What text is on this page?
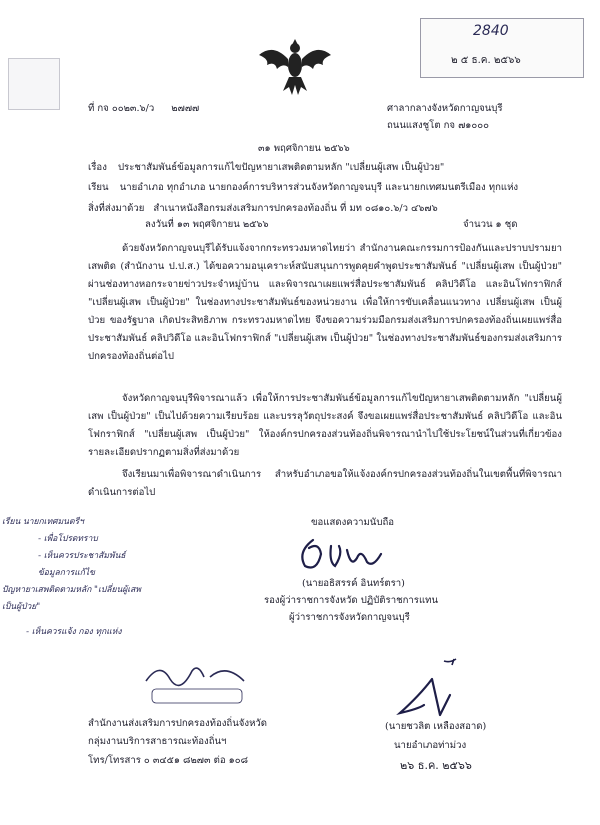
2840
๒ ๕ ธ.ค. ๒๕๖๖
ที่ กจ ๐๐๒๓.๖/ว ๒๗๗๗	ศาลากลางจังหวัดกาญจนบุรี
ถนนแสงชูโต กจ ๗๑๐๐๐
๓๑ พฤศจิกายน ๒๕๖๖
เรื่อง ประชาสัมพันธ์ข้อมูลการแก้ไขปัญหายาเสพติดตามหลัก "เปลี่ยนผู้เสพ เป็นผู้ป่วย"
เรียน นายอำเภอ ทุกอำเภอ นายกองค์การบริหารส่วนจังหวัดกาญจนบุรี และนายกเทศมนตรีเมือง ทุกแห่ง
สิ่งที่ส่งมาด้วย สำเนาหนังสือกรมส่งเสริมการปกครองท้องถิ่น ที่ มท ๐๘๑๐.๖/ว ๔๖๗๖
ลงวันที่ ๑๓ พฤศจิกายน ๒๕๖๖	จำนวน ๑ ชุด
ด้วยจังหวัดกาญจนบุรีได้รับแจ้งจากกระทรวงมหาดไทยว่า สำนักงานคณะกรรมการป้องกันและปราบปรามยาเสพติด (สำนักงาน ป.ป.ส.) ได้ขอความอนุเคราะห์สนับสนุนการพูดคุยคำพูดประชาสัมพันธ์ "เปลี่ยนผู้เสพ เป็นผู้ป่วย" ผ่านช่องทางหอกระจายข่าวประจำหมู่บ้าน และพิจารณาเผยแพร่สื่อประชาสัมพันธ์ คลิปวิดีโอ และอินโฟกราฟิกส์ "เปลี่ยนผู้เสพ เป็นผู้ป่วย" ในช่องทางประชาสัมพันธ์ของหน่วยงาน เพื่อให้การขับเคลื่อนแนวทาง เปลี่ยนผู้เสพ เป็นผู้ป่วย ของรัฐบาล เกิดประสิทธิภาพ กระทรวงมหาดไทย จึงขอความร่วมมือกรมส่งเสริมการปกครองท้องถิ่นเผยแพร่สื่อประชาสัมพันธ์ คลิปวิดีโอ และอินโฟกราฟิกส์ "เปลี่ยนผู้เสพ เป็นผู้ป่วย" ในช่องทางประชาสัมพันธ์ของกรมส่งเสริมการปกครองท้องถิ่นต่อไป
จังหวัดกาญจนบุรีพิจารณาแล้ว เพื่อให้การประชาสัมพันธ์ข้อมูลการแก้ไขปัญหายาเสพติดตามหลัก "เปลี่ยนผู้เสพ เป็นผู้ป่วย" เป็นไปด้วยความเรียบร้อย และบรรลุวัตถุประสงค์ จึงขอเผยแพร่สื่อประชาสัมพันธ์ คลิปวิดีโอ และอินโฟกราฟิกส์ "เปลี่ยนผู้เสพ เป็นผู้ป่วย" ให้องค์กรปกครองส่วนท้องถิ่นพิจารณานำไปใช้ประโยชน์ในส่วนที่เกี่ยวข้อง รายละเอียดปรากฏตามสิ่งที่ส่งมาด้วย
จึงเรียนมาเพื่อพิจารณาดำเนินการ สำหรับอำเภอขอให้แจ้งองค์กรปกครองส่วนท้องถิ่นในเขตพื้นที่พิจารณาดำเนินการต่อไป
ขอแสดงความนับถือ
(นายอธิสรรค์ อินทร์ตรา)
รองผู้ว่าราชการจังหวัด ปฏิบัติราชการแทน
ผู้ว่าราชการจังหวัดกาญจนบุรี
เรียน นายกเทศมนตรีฯ
- เพื่อโปรดทราบ
- เห็นควรประชาสัมพันธ์ข้อมูลการแก้ไข
ปัญหายาเสพติดตามหลัก "เปลี่ยนผู้เสพ
เป็นผู้ป่วย"
- เห็นควรแจ้ง กอง ทุกแห่ง
สำนักงานส่งเสริมการปกครองท้องถิ่นจังหวัด
กลุ่มงานบริการสาธารณะท้องถิ่นฯ
โทร/โทรสาร ๐ ๓๔๕๑ ๘๒๗๓ ต่อ ๑๐๘
(นายชวลิต เหลืองสอาด)
นายอำเภอท่าม่วง
๒๖ ธ.ค. ๒๕๖๖
